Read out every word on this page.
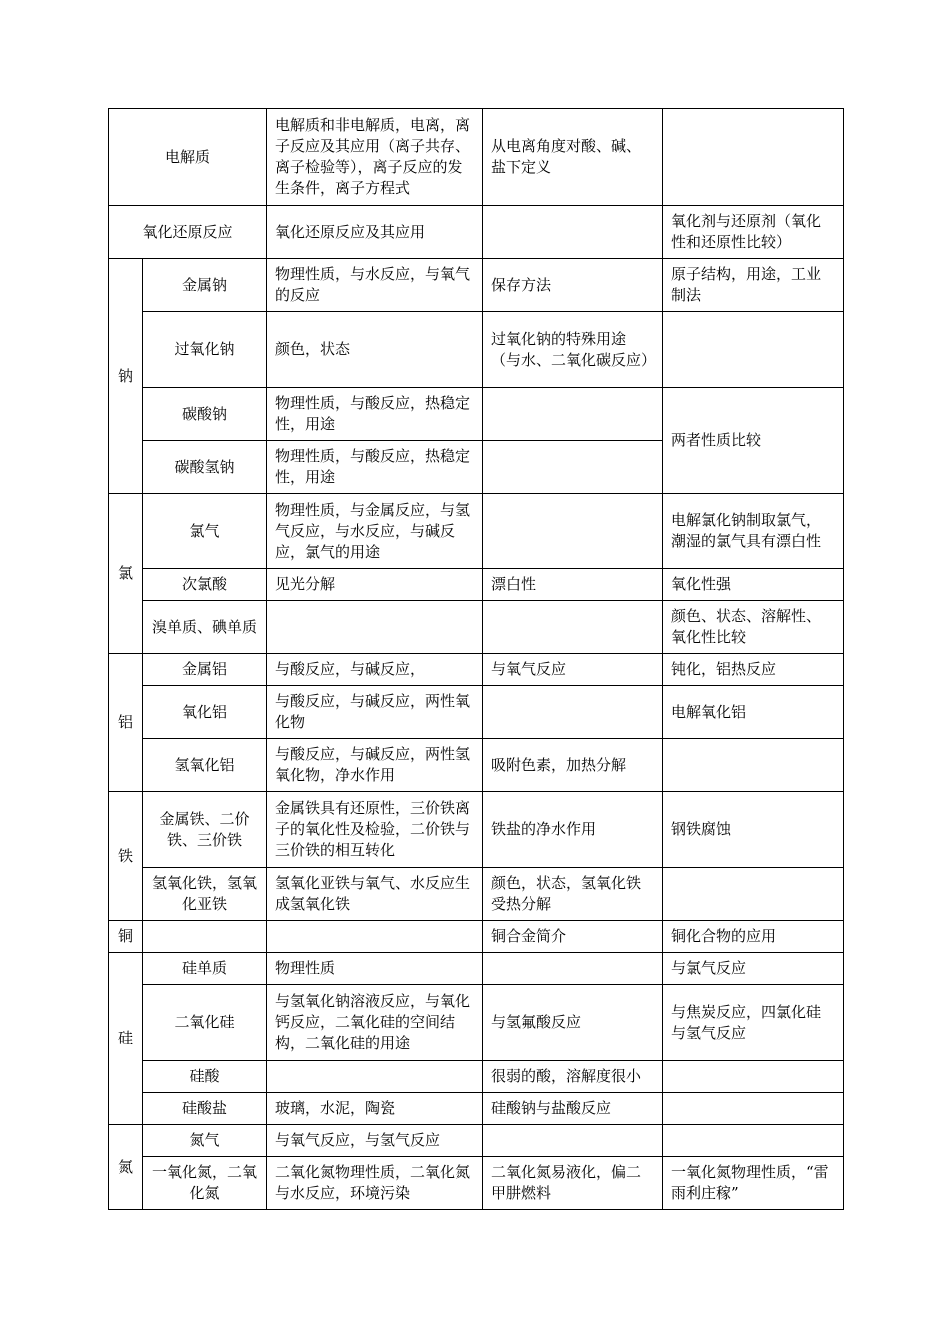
电解质		电解质和非电解质，电离，离子反应及其应用（离子共存、离子检验等），离子反应的发生条件，离子方程式	从电离角度对酸、碱、盐下定义	
氧化还原反应		氧化还原反应及其应用		氧化剂与还原剂（氧化性和还原性比较）
钠	金属钠	物理性质，与水反应，与氧气的反应	保存方法	原子结构，用途，工业制法
	过氧化钠	颜色，状态	过氧化钠的特殊用途（与水、二氧化碳反应）	
	碳酸钠	物理性质，与酸反应，热稳定性，用途		两者性质比较
	碳酸氢钠	物理性质，与酸反应，热稳定性，用途		
氯	氯气	物理性质，与金属反应，与氢气反应，与水反应，与碱反应，氯气的用途		电解氯化钠制取氯气，潮湿的氯气具有漂白性
	次氯酸	见光分解	漂白性	氧化性强
	溴单质、碘单质			颜色、状态、溶解性、氧化性比较
铝	金属铝	与酸反应，与碱反应，	与氧气反应	钝化，铝热反应
	氧化铝	与酸反应，与碱反应，两性氧化物		电解氧化铝
	氢氧化铝	与酸反应，与碱反应，两性氢氧化物，净水作用	吸附色素，加热分解	
铁	金属铁、二价铁、三价铁	金属铁具有还原性，三价铁离子的氧化性及检验，二价铁与三价铁的相互转化	铁盐的净水作用	钢铁腐蚀
	氢氧化铁，氢氧化亚铁	氢氧化亚铁与氧气、水反应生成氢氧化铁	颜色，状态，氢氧化铁受热分解	
铜			铜合金简介	铜化合物的应用
硅	硅单质	物理性质		与氯气反应
	二氧化硅	与氢氧化钠溶液反应，与氧化钙反应，二氧化硅的空间结构，二氧化硅的用途	与氢氟酸反应	与焦炭反应，四氯化硅与氢气反应
	硅酸		很弱的酸，溶解度很小	
	硅酸盐	玻璃，水泥，陶瓷	硅酸钠与盐酸反应	
氮	氮气	与氧气反应，与氢气反应		
	一氧化氮，二氧化氮	二氧化氮物理性质，二氧化氮与水反应，环境污染	二氧化氮易液化，偏二甲肼燃料	一氧化氮物理性质，“雷雨利庄稼”
